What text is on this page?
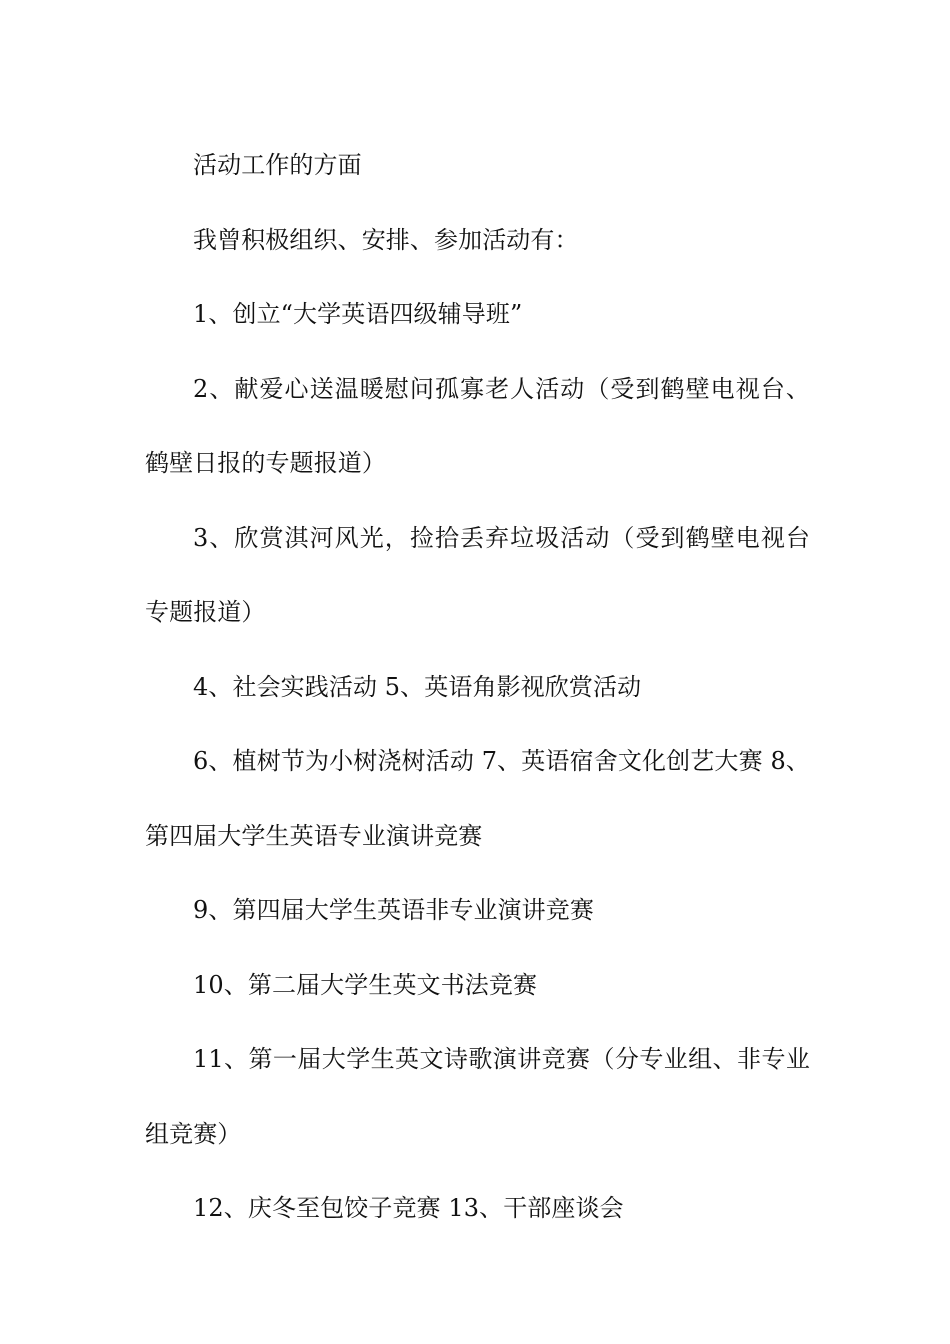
活动工作的方面

我曾积极组织、安排、参加活动有：

1、创立“大学英语四级辅导班”

2、献爱心送温暖慰问孤寡老人活动（受到鹤壁电视台、鹤壁日报的专题报道）

3、欣赏淇河风光，捡拾丢弃垃圾活动（受到鹤壁电视台专题报道）

4、社会实践活动 5、英语角影视欣赏活动

6、植树节为小树浇树活动 7、英语宿舍文化创艺大赛 8、第四届大学生英语专业演讲竞赛

9、第四届大学生英语非专业演讲竞赛

10、第二届大学生英文书法竞赛

11、第一届大学生英文诗歌演讲竞赛（分专业组、非专业组竞赛）

12、庆冬至包饺子竞赛 13、干部座谈会
